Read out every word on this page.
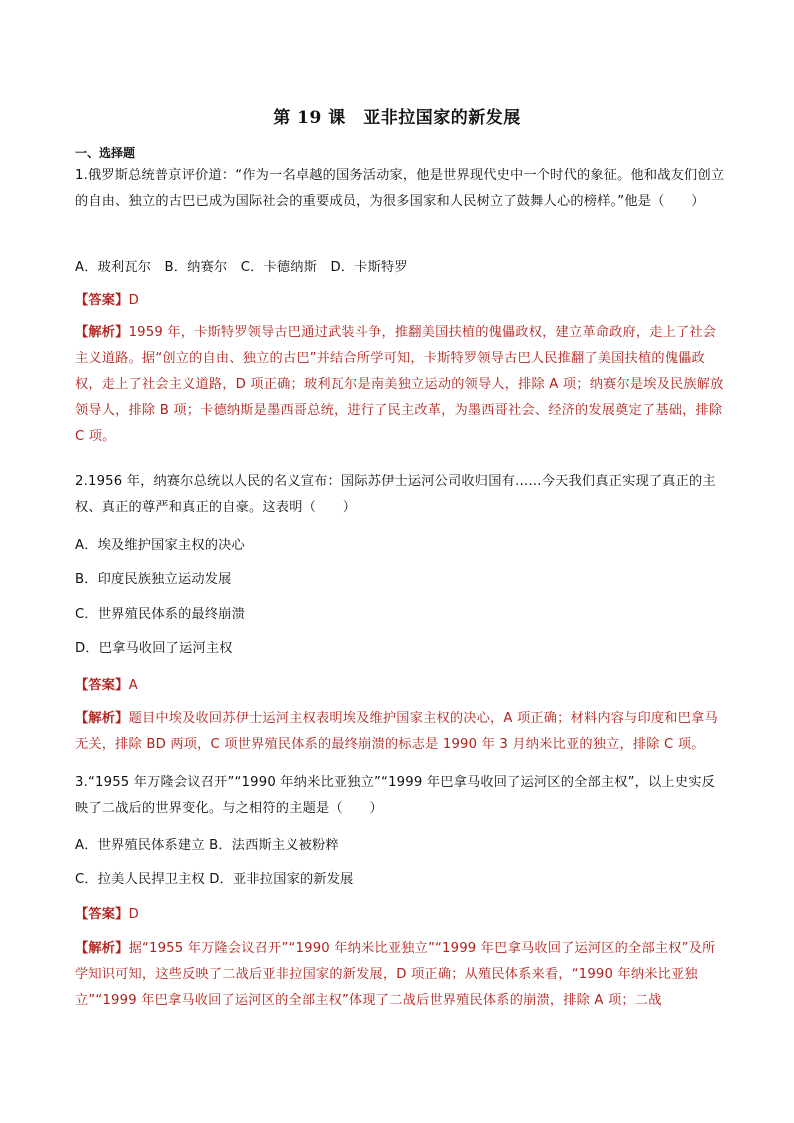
第 19 课　亚非拉国家的新发展
一、选择题

1.俄罗斯总统普京评价道：“作为一名卓越的国务活动家，他是世界现代史中一个时代的象征。他和战友们创立的自由、独立的古巴已成为国际社会的重要成员，为很多国家和人民树立了鼓舞人心的榜样。”他是（　　）

A．玻利瓦尔　B．纳赛尔　C．卡德纳斯　D．卡斯特罗
【答案】D

【解析】1959 年，卡斯特罗领导古巴通过武装斗争，推翻美国扶植的傀儡政权，建立革命政府，走上了社会主义道路。据“创立的自由、独立的古巴”并结合所学可知，卡斯特罗领导古巴人民推翻了美国扶植的傀儡政权，走上了社会主义道路，D 项正确；玻利瓦尔是南美独立运动的领导人，排除 A 项；纳赛尔是埃及民族解放领导人，排除 B 项；卡德纳斯是墨西哥总统，进行了民主改革，为墨西哥社会、经济的发展奠定了基础，排除 C 项。

2.1956 年，纳赛尔总统以人民的名义宣布：国际苏伊士运河公司收归国有……今天我们真正实现了真正的主权、真正的尊严和真正的自豪。这表明（　　）

A．埃及维护国家主权的决心
B．印度民族独立运动发展
C．世界殖民体系的最终崩溃
D．巴拿马收回了运河主权
【答案】A

【解析】题目中埃及收回苏伊士运河主权表明埃及维护国家主权的决心，A 项正确；材料内容与印度和巴拿马无关，排除 BD 两项，C 项世界殖民体系的最终崩溃的标志是 1990 年 3 月纳米比亚的独立，排除 C 项。

3.“1955 年万隆会议召开”“1990 年纳米比亚独立”“1999 年巴拿马收回了运河区的全部主权”，以上史实反映了二战后的世界变化。与之相符的主题是（　　）

A．世界殖民体系建立 B．法西斯主义被粉粹
C．拉美人民捍卫主权 D．亚非拉国家的新发展
【答案】D

【解析】据“1955 年万隆会议召开”“1990 年纳米比亚独立”“1999 年巴拿马收回了运河区的全部主权”及所学知识可知，这些反映了二战后亚非拉国家的新发展，D 项正确；从殖民体系来看，“1990 年纳米比亚独立”“1999 年巴拿马收回了运河区的全部主权”体现了二战后世界殖民体系的崩溃，排除 A 项；二战
